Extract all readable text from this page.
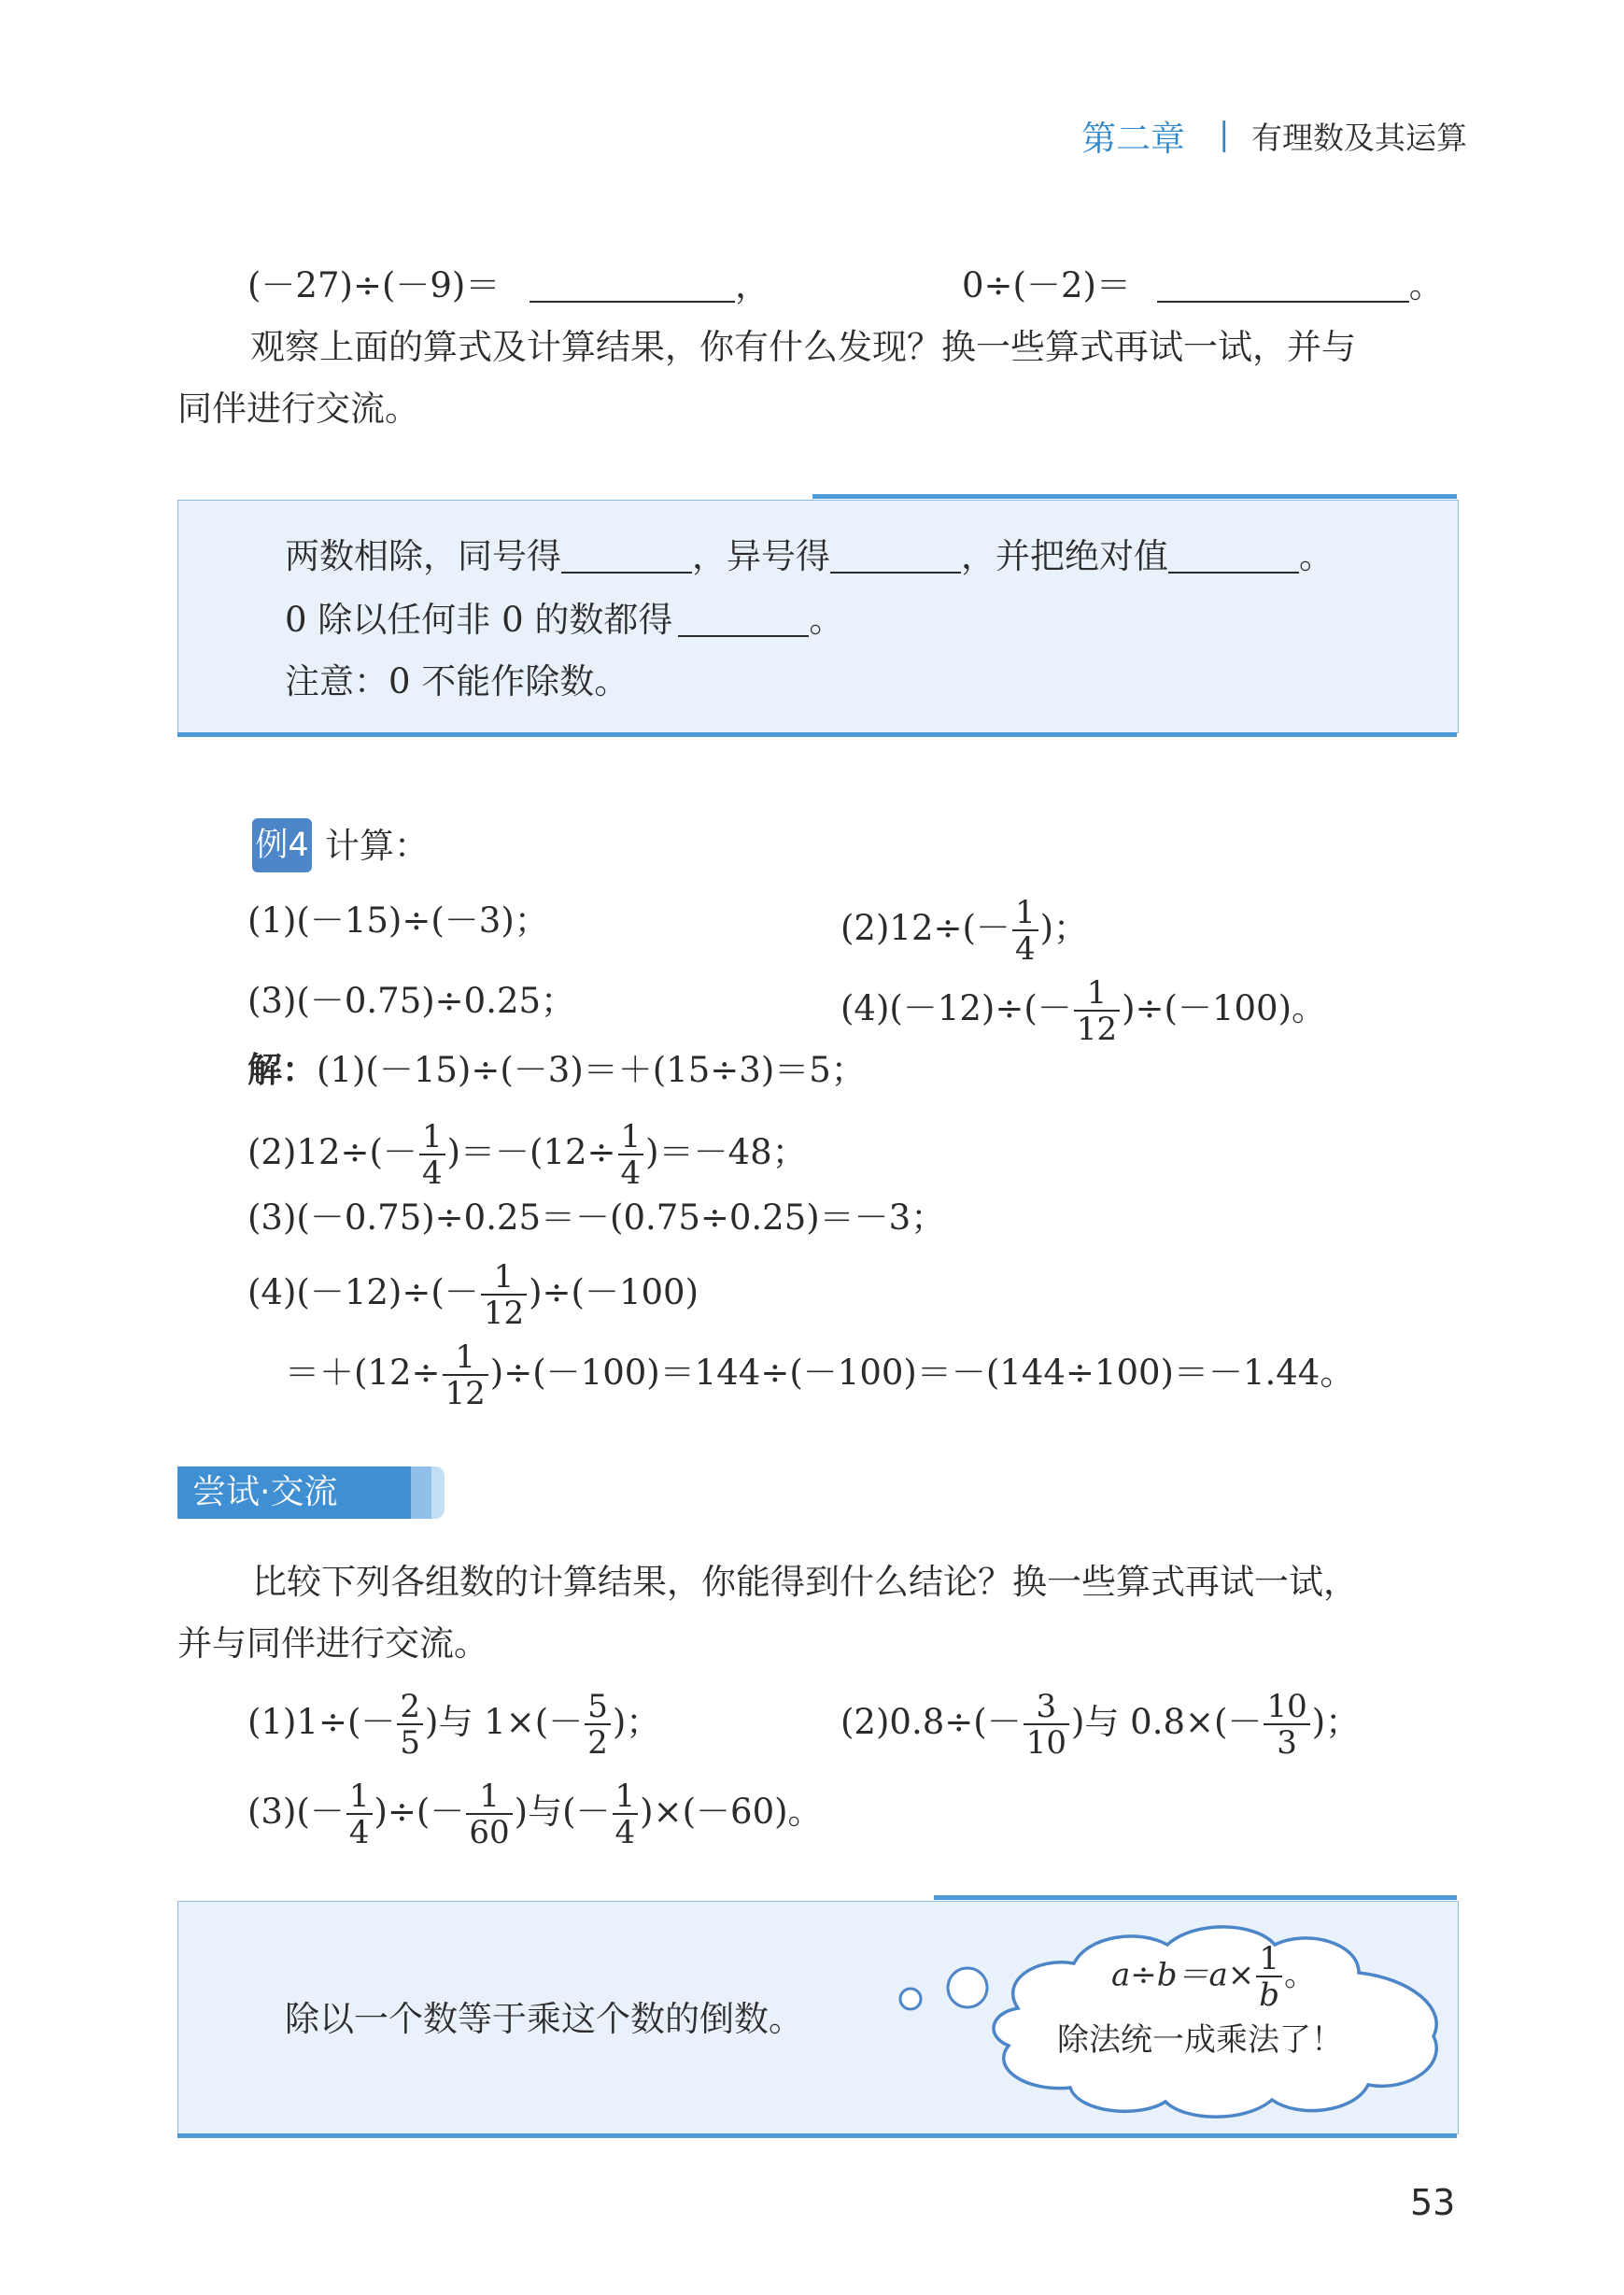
第二章 | 有理数及其运算
(－27)÷(－9)＝	，	0÷(－2)＝	。
观察上面的算式及计算结果，你有什么发现？换一些算式再试一试，并与
同伴进行交流。
两数相除，同号得	，异号得	，并把绝对值	。
0 除以任何非 0 的数都得	。
注意：0 不能作除数。
例4 计算：
(1)(－15)÷(－3)；	$(2)12\div(- \frac{1}{4}$ )；
(3)(－0.75)÷0.25；	$(4)(-12)\div(- \frac{1}{12} )\div(-100)$。
解：(1)(－15)÷(－3)＝＋(15÷3)＝5；
$(2)12\div(- \frac{1}{4} )=-(12\div \frac{1}{4} )=-48$；
(3)(－0.75)÷0.25＝－(0.75÷0.25)＝－3；
$(4)(-12)\div(- \frac{1}{12} )\div(-100)$
$=+(12\div \frac{1}{12} )\div(-100)=144\div(-100)=-(144\div 100)=-1.44$。
尝试·交流
比较下列各组数的计算结果，你能得到什么结论？换一些算式再试一试，
并与同伴进行交流。
$(1)1\div(- \frac{2}{5}$ )与 $1\times(- \frac{5}{2}$ )；	$(2)0.8\div(- \frac{3}{10}$ )与 $0.8\times(- \frac{10}{3}$ )；
$(3)(- \frac{1}{4}$ )÷(－ $\frac{1}{60}$ )与(－ $\frac{1}{4} )\times(-60)$。
除以一个数等于乘这个数的倒数。
$a\div b=a\times \frac{1}{b}$ 。
除法统一成乘法了！
53
